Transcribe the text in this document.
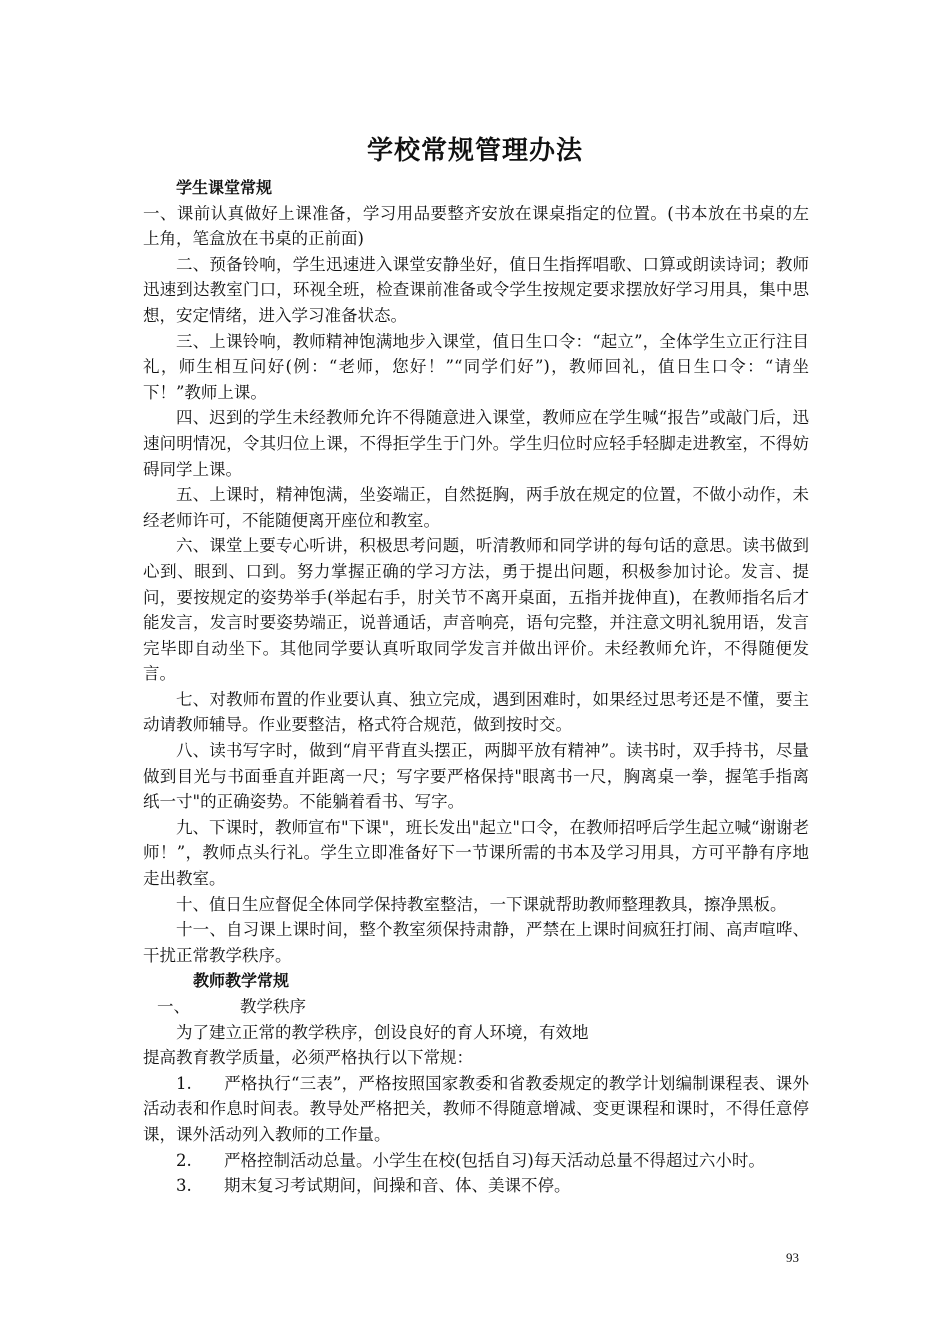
学校常规管理办法

学生课堂常规

一、课前认真做好上课准备，学习用品要整齐安放在课桌指定的位置。(书本放在书桌的左上角，笔盒放在书桌的正前面)

二、预备铃响，学生迅速进入课堂安静坐好，值日生指挥唱歌、口算或朗读诗词；教师迅速到达教室门口，环视全班，检查课前准备或令学生按规定要求摆放好学习用具，集中思想，安定情绪，进入学习准备状态。

三、上课铃响，教师精神饱满地步入课堂，值日生口令：“起立”，全体学生立正行注目礼，师生相互问好(例：“老师，您好！”“同学们好”)，教师回礼，值日生口令：“请坐下！”教师上课。

四、迟到的学生未经教师允许不得随意进入课堂，教师应在学生喊“报告”或敲门后，迅速问明情况，令其归位上课，不得拒学生于门外。学生归位时应轻手轻脚走进教室，不得妨碍同学上课。

五、上课时，精神饱满，坐姿端正，自然挺胸，两手放在规定的位置，不做小动作，未经老师许可，不能随便离开座位和教室。

六、课堂上要专心听讲，积极思考问题，听清教师和同学讲的每句话的意思。读书做到心到、眼到、口到。努力掌握正确的学习方法，勇于提出问题，积极参加讨论。发言、提问，要按规定的姿势举手(举起右手，肘关节不离开桌面，五指并拢伸直)，在教师指名后才能发言，发言时要姿势端正，说普通话，声音响亮，语句完整，并注意文明礼貌用语，发言完毕即自动坐下。其他同学要认真听取同学发言并做出评价。未经教师允许，不得随便发言。

七、对教师布置的作业要认真、独立完成，遇到困难时，如果经过思考还是不懂，要主动请教师辅导。作业要整洁，格式符合规范，做到按时交。

八、读书写字时，做到“肩平背直头摆正，两脚平放有精神”。读书时，双手持书，尽量做到目光与书面垂直并距离一尺；写字要严格保持"眼离书一尺，胸离桌一拳，握笔手指离纸一寸"的正确姿势。不能躺着看书、写字。

九、下课时，教师宣布"下课"，班长发出"起立"口令，在教师招呼后学生起立喊“谢谢老师！”，教师点头行礼。学生立即准备好下一节课所需的书本及学习用具，方可平静有序地走出教室。

十、值日生应督促全体同学保持教室整洁，一下课就帮助教师整理教具，擦净黑板。

十一、自习课上课时间，整个教室须保持肃静，严禁在上课时间疯狂打闹、高声喧哗、干扰正常教学秩序。

教师教学常规

一、	教学秩序

为了建立正常的教学秩序，创设良好的育人环境，有效地

提高教育教学质量，必须严格执行以下常规：

1. 严格执行“三表”，严格按照国家教委和省教委规定的教学计划编制课程表、课外活动表和作息时间表。教导处严格把关，教师不得随意增减、变更课程和课时，不得任意停课，课外活动列入教师的工作量。

2. 严格控制活动总量。小学生在校(包括自习)每天活动总量不得超过六小时。

3. 期末复习考试期间，间操和音、体、美课不停。

93
